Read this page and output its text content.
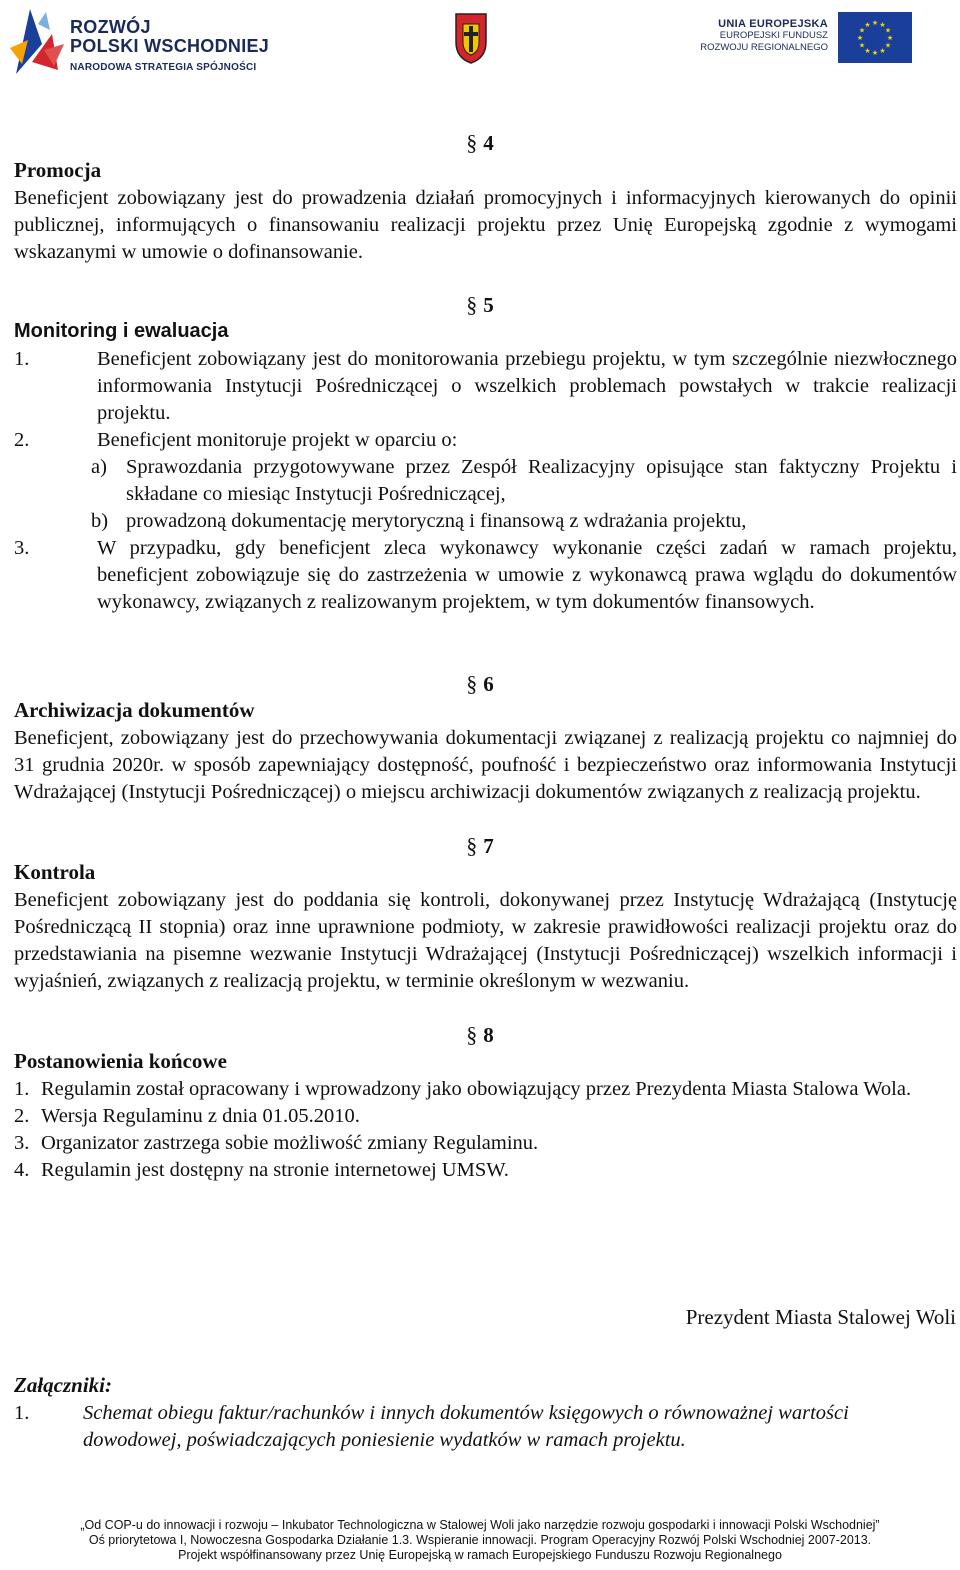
ROZWÓJ
POLSKI WSCHODNIEJ
NARODOWA STRATEGIA SPÓJNOŚCI
UNIA EUROPEJSKA
EUROPEJSKI FUNDUSZ
ROZWOJU REGIONALNEGO
★ ★
★
★
★
★
★
★
★
★
★
★
§ 4
Promocja

Beneficjent zobowiązany jest do prowadzenia działań promocyjnych i informacyjnych kierowanych do opinii publicznej, informujących o finansowaniu realizacji projektu przez Unię Europejską zgodnie z wymogami wskazanymi w umowie o dofinansowanie.

§ 5
Monitoring i ewaluacja
1.	Beneficjent zobowiązany jest do monitorowania przebiegu projektu, w tym szczególnie niezwłocznego informowania Instytucji Pośredniczącej o wszelkich problemach powstałych w trakcie realizacji projektu.
2.	Beneficjent monitoruje projekt w oparciu o:
a) Sprawozdania przygotowywane przez Zespół Realizacyjny opisujące stan faktyczny Projektu i składane co miesiąc Instytucji Pośredniczącej,
b) prowadzoną dokumentację merytoryczną i finansową z wdrażania projektu,
3.	W przypadku, gdy beneficjent zleca wykonawcy wykonanie części zadań w ramach projektu, beneficjent zobowiązuje się do zastrzeżenia w umowie z wykonawcą prawa wglądu do dokumentów wykonawcy, związanych z realizowanym projektem, w tym dokumentów finansowych.
§ 6
Archiwizacja dokumentów

Beneficjent, zobowiązany jest do przechowywania dokumentacji związanej z realizacją projektu co najmniej do 31 grudnia 2020r. w sposób zapewniający dostępność, poufność i bezpieczeństwo oraz informowania Instytucji Wdrażającej (Instytucji Pośredniczącej) o miejscu archiwizacji dokumentów związanych z realizacją projektu.

§ 7
Kontrola

Beneficjent zobowiązany jest do poddania się kontroli, dokonywanej przez Instytucję Wdrażającą (Instytucję Pośredniczącą II stopnia) oraz inne uprawnione podmioty, w zakresie prawidłowości realizacji projektu oraz do przedstawiania na pisemne wezwanie Instytucji Wdrażającej (Instytucji Pośredniczącej) wszelkich informacji i wyjaśnień, związanych z realizacją projektu, w terminie określonym w wezwaniu.

§ 8
Postanowienia końcowe
1. Regulamin został opracowany i wprowadzony jako obowiązujący przez Prezydenta Miasta Stalowa Wola.
2. Wersja Regulaminu z dnia 01.05.2010.
3. Organizator zastrzega sobie możliwość zmiany Regulaminu.
4. Regulamin jest dostępny na stronie internetowej UMSW.
Prezydent Miasta Stalowej Woli
Załączniki:
1.	Schemat obiegu faktur/rachunków i innych dokumentów księgowych o równoważnej wartości dowodowej, poświadczających poniesienie wydatków w ramach projektu.
„Od COP-u do innowacji i rozwoju – Inkubator Technologiczna w Stalowej Woli jako narzędzie rozwoju gospodarki i innowacji Polski Wschodniej”
Oś priorytetowa I, Nowoczesna Gospodarka Działanie 1.3. Wspieranie innowacji. Program Operacyjny Rozwój Polski Wschodniej 2007-2013.
Projekt współfinansowany przez Unię Europejską w ramach Europejskiego Funduszu Rozwoju Regionalnego
